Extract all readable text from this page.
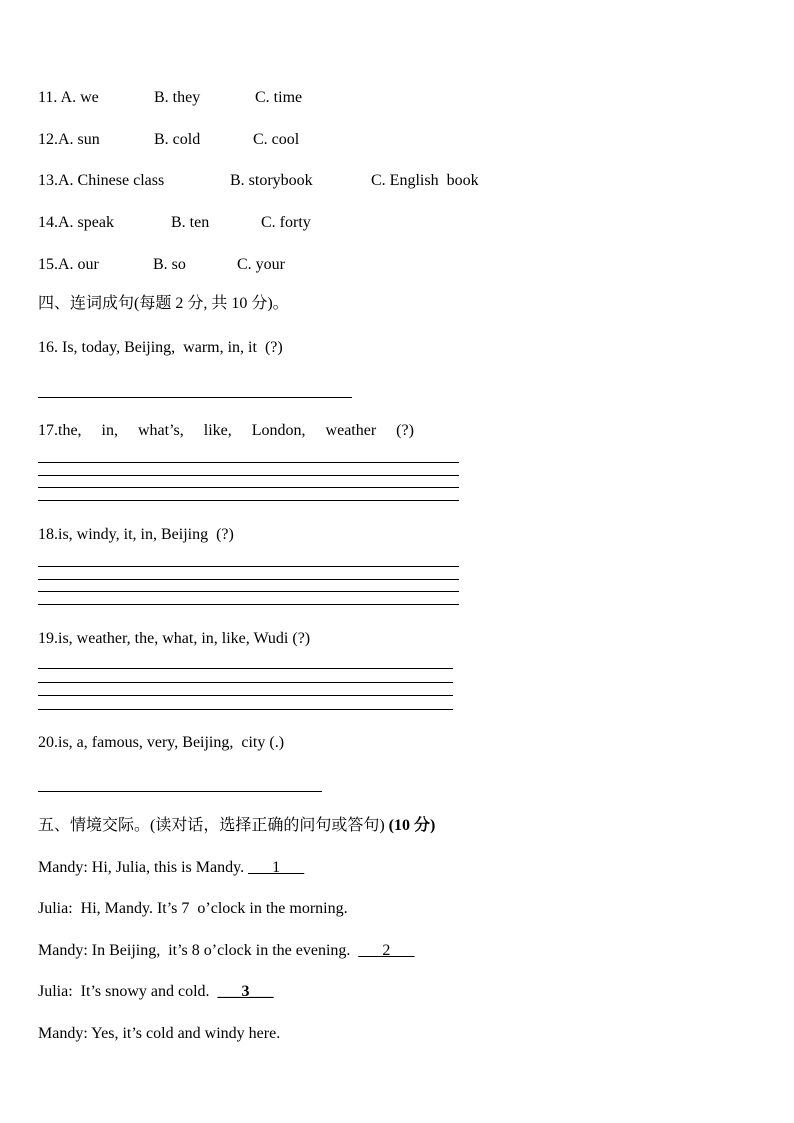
11. A. we	B. they	C. time
12.A. sun	B. cold	C. cool
13.A. Chinese class	B. storybook	C. English  book
14.A. speak	B. ten	C. forty
15.A. our	B. so	C. your
四、连词成句(每题 2 分, 共 10 分)。
16. Is, today, Beijing,  warm, in, it  (?)
17.the,     in,     what’s,     like,     London,     weather     (?)
18.is, windy, it, in, Beijing  (?)
19.is, weather, the, what, in, like, Wudi (?)
20.is, a, famous, very, Beijing,  city (.)
五、情境交际。(读对话，选择正确的问句或答句) (10 分)
Mandy: Hi, Julia, this is Mandy. ___1___
Julia:  Hi, Mandy. It’s 7  o’clock in the morning.
Mandy: In Beijing,  it’s 8 o’clock in the evening.  ___2___
Julia:  It’s snowy and cold.  ___3___
Mandy: Yes, it’s cold and windy here.
